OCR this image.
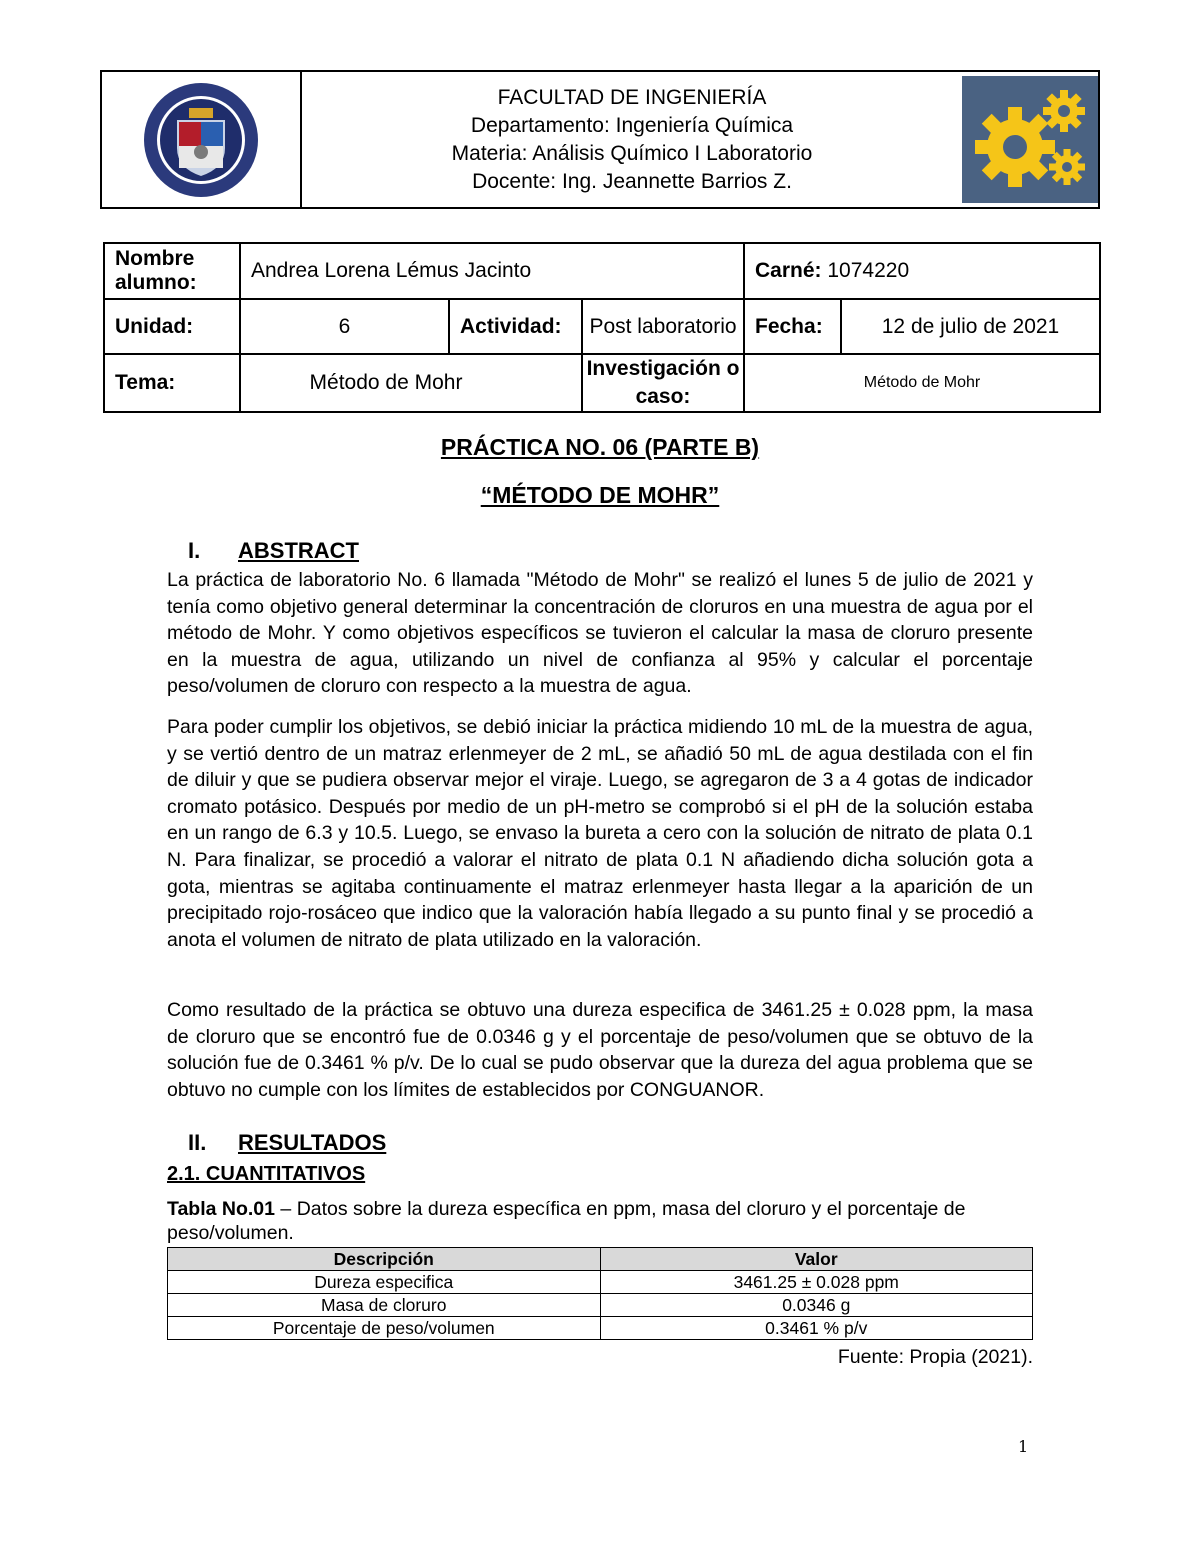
FACULTAD DE INGENIERÍA
Departamento: Ingeniería Química
Materia: Análisis Químico I Laboratorio
Docente: Ing. Jeannette Barrios Z.
Nombre alumno:	Andrea Lorena Lémus Jacinto			Carné: 1074220	
Unidad:	6	Actividad:	Post laboratorio	Fecha:	12 de julio de 2021
Tema:	Método de Mohr		Investigación o caso:	Método de Mohr	
PRÁCTICA NO. 06 (PARTE B)
“MÉTODO DE MOHR”
I. ABSTRACT

La práctica de laboratorio No. 6 llamada "Método de Mohr" se realizó el lunes 5 de julio de 2021 y tenía como objetivo general determinar la concentración de cloruros en una muestra de agua por el método de Mohr. Y como objetivos específicos se tuvieron el calcular la masa de cloruro presente en la muestra de agua, utilizando un nivel de confianza al 95% y calcular el porcentaje peso/volumen de cloruro con respecto a la muestra de agua.

Para poder cumplir los objetivos, se debió iniciar la práctica midiendo 10 mL de la muestra de agua, y se vertió dentro de un matraz erlenmeyer de 2 mL, se añadió 50 mL de agua destilada con el fin de diluir y que se pudiera observar mejor el viraje. Luego, se agregaron de 3 a 4 gotas de indicador cromato potásico. Después por medio de un pH-metro se comprobó si el pH de la solución estaba en un rango de 6.3 y 10.5. Luego, se envaso la bureta a cero con la solución de nitrato de plata 0.1 N. Para finalizar, se procedió a valorar el nitrato de plata 0.1 N añadiendo dicha solución gota a gota, mientras se agitaba continuamente el matraz erlenmeyer hasta llegar a la aparición de un precipitado rojo-rosáceo que indico que la valoración había llegado a su punto final y se procedió a anota el volumen de nitrato de plata utilizado en la valoración.

Como resultado de la práctica se obtuvo una dureza especifica de 3461.25 ± 0.028 ppm, la masa de cloruro que se encontró fue de 0.0346 g y el porcentaje de peso/volumen que se obtuvo de la solución fue de 0.3461 % p/v. De lo cual se pudo observar que la dureza del agua problema que se obtuvo no cumple con los límites de establecidos por CONGUANOR.

II. RESULTADOS
2.1. CUANTITATIVOS
Tabla No.01 – Datos sobre la dureza específica en ppm, masa del cloruro y el porcentaje de peso/volumen.
Descripción	Valor
Dureza especifica	3461.25 ± 0.028 ppm
Masa de cloruro	0.0346 g
Porcentaje de peso/volumen	0.3461 % p/v
Fuente: Propia (2021).
1
